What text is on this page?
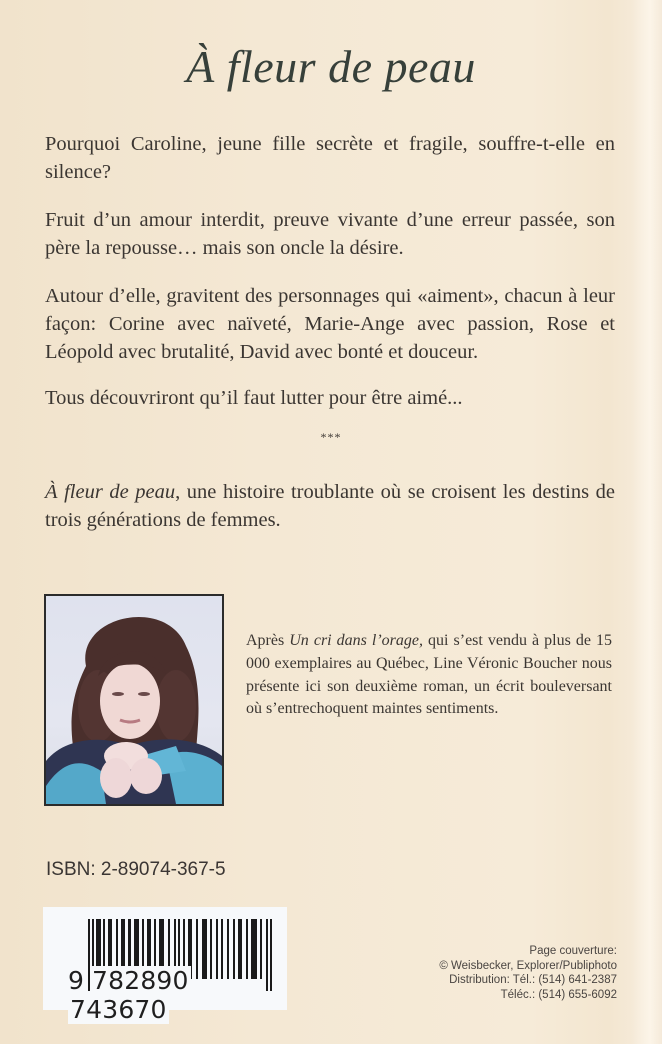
À fleur de peau
Pourquoi Caroline, jeune fille secrète et fragile, souffre-t-elle en silence?
Fruit d’un amour interdit, preuve vivante d’une erreur passée, son père la repousse… mais son oncle la désire.
Autour d’elle, gravitent des personnages qui «aiment», chacun à leur façon: Corine avec naïveté, Marie-Ange avec passion, Rose et Léopold avec brutalité, David avec bonté et douceur.
Tous découvriront qu’il faut lutter pour être aimé...
***
À fleur de peau, une histoire troublante où se croisent les destins de trois générations de femmes.
Après Un cri dans l’orage, qui s’est vendu à plus de 15 000 exemplaires au Québec, Line Véronic Boucher nous présente ici son deuxième roman, un écrit bouleversant où s’entrechoquent maintes sentiments.
ISBN: 2-89074-367-5
9 782890743670
Page couverture:
© Weisbecker, Explorer/Publiphoto
Distribution: Tél.: (514) 641-2387
Téléc.: (514) 655-6092
